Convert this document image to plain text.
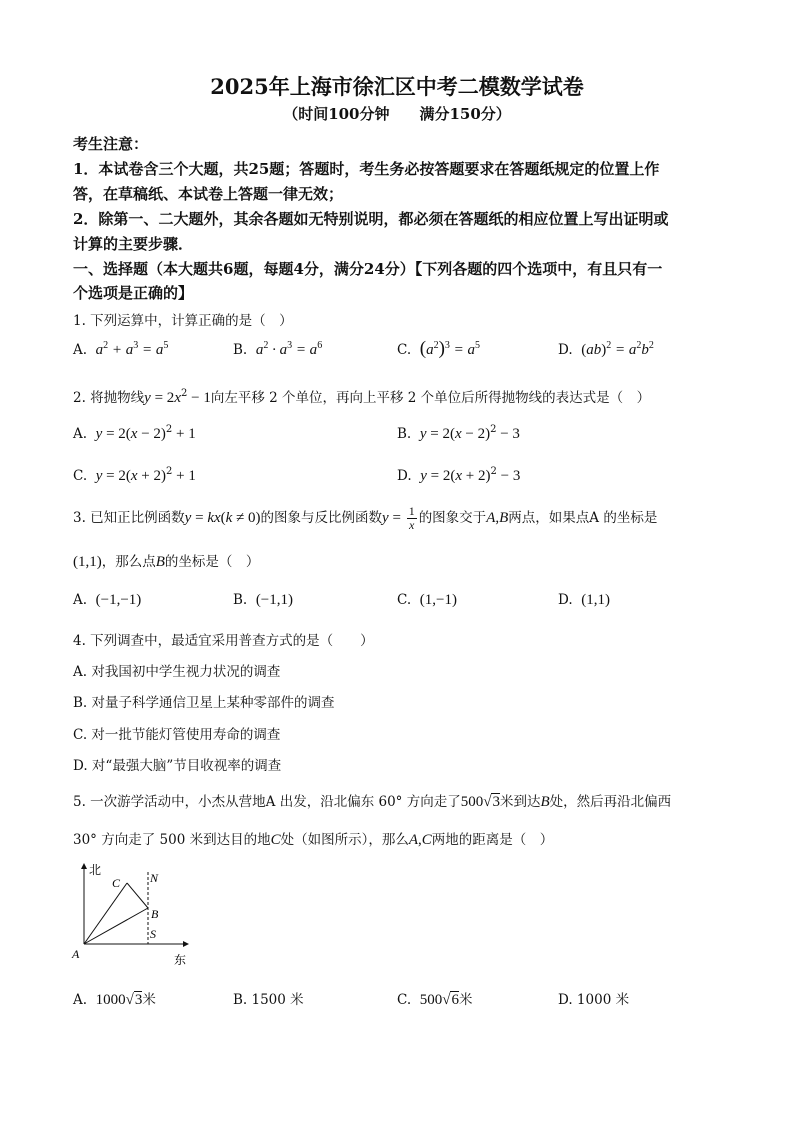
2025年上海市徐汇区中考二模数学试卷
（时间100分钟　　满分150分）
考生注意：
1．本试卷含三个大题，共25题；答题时，考生务必按答题要求在答题纸规定的位置上作
答，在草稿纸、本试卷上答题一律无效；
2．除第一、二大题外，其余各题如无特别说明，都必须在答题纸的相应位置上写出证明或
计算的主要步骤．
一、选择题（本大题共6题，每题4分，满分24分）【下列各题的四个选项中，有且只有一
个选项是正确的】
1. 下列运算中，计算正确的是（　）
A. $a^2 + a^3 = a^5$	B. $a^2 \cdot a^3 = a^6$	C. $(a^2)^3 = a^5$	D. $(ab)^2 = a^2b^2$
2. 将抛物线$y = 2x^2 - 1$向左平移 2 个单位，再向上平移 2 个单位后所得抛物线的表达式是（　）
A. $y = 2(x - 2)^2 + 1$	B. $y = 2(x - 2)^2 - 3$
C. $y = 2(x + 2)^2 + 1$	D. $y = 2(x + 2)^2 - 3$
3. 已知正比例函数y = kx(k ≠ 0)的图象与反比例函数$y = \frac{1}{x}$ 的图象交于A,B两点，如果点A 的坐标是
(1,1)，那么点B的坐标是（　）
A. (−1,−1)	B. (−1,1)	C. (1,−1)	D. (1,1)
4. 下列调查中，最适宜采用普查方式的是（　　）
A. 对我国初中学生视力状况的调查
B. 对量子科学通信卫星上某种零部件的调查
C. 对一批节能灯管使用寿命的调查
D. 对“最强大脑”节目收视率的调查
5. 一次游学活动中，小杰从营地A 出发，沿北偏东 60° 方向走了500√3米到达B处，然后再沿北偏西
30° 方向走了 500 米到达目的地C处（如图所示），那么A,C两地的距离是（　）
北
东
A
B
C N
S
A. 1000√3米	B. 1500 米	C. 500√6米	D. 1000 米
